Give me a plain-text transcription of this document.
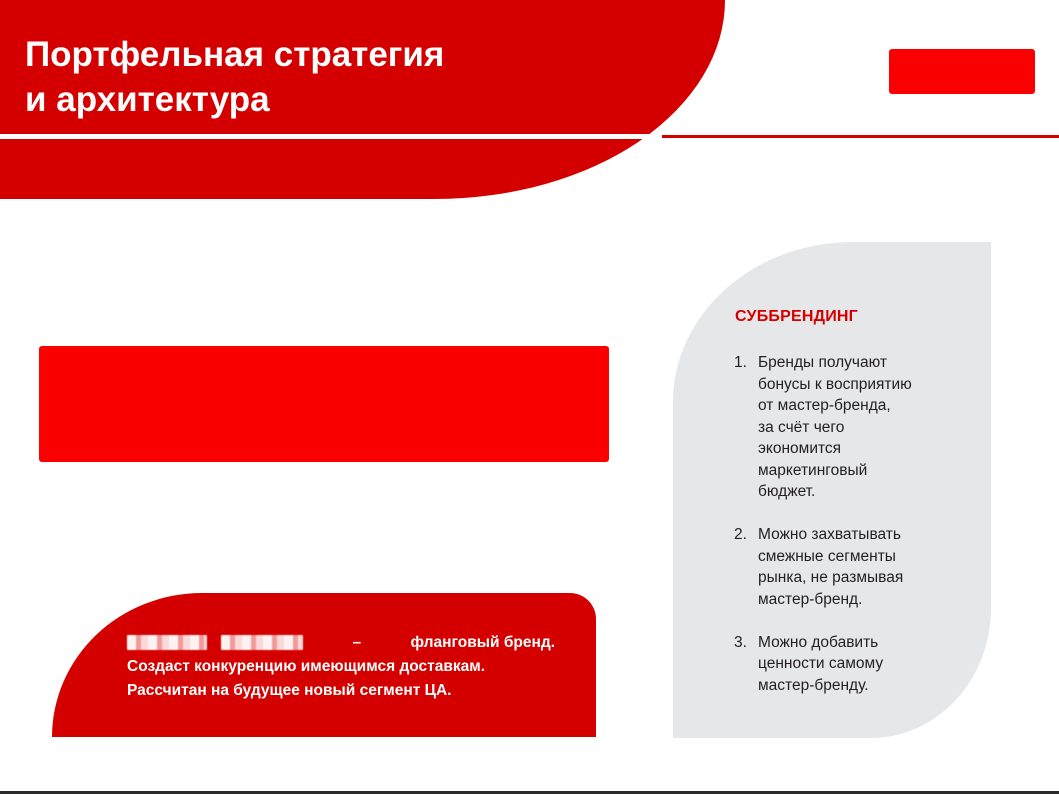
Портфельная стратегия
и архитектура
–	фланговый бренд.
Создаст конкуренцию имеющимся доставкам.
Рассчитан на будущее новый сегмент ЦА.
СУББРЕНДИНГ
1. Бренды получают
бонусы к восприятию
от мастер-бренда,
за счёт чего
экономится
маркетинговый
бюджет.
2. Можно захватывать
смежные сегменты
рынка, не размывая
мастер-бренд.
3. Можно добавить
ценности самому
мастер-бренду.
